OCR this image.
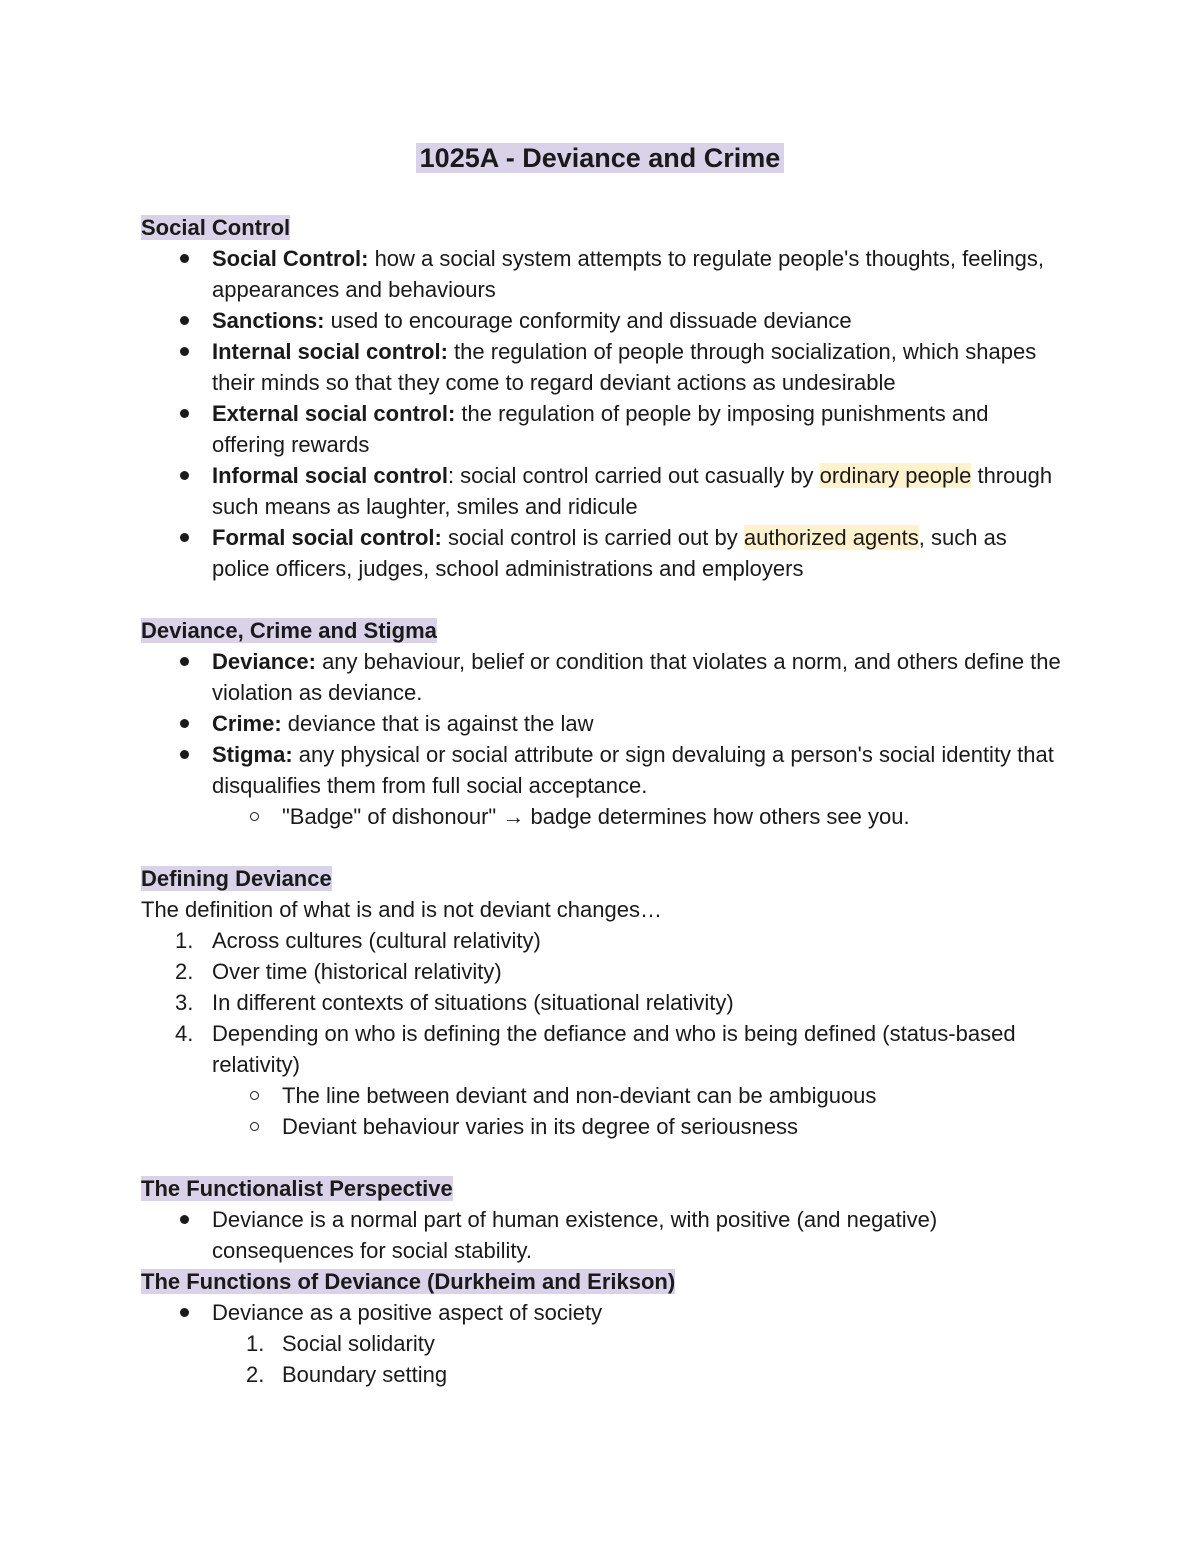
1025A - Deviance and Crime

Social Control

Social Control: how a social system attempts to regulate people's thoughts, feelings, appearances and behaviours
Sanctions: used to encourage conformity and dissuade deviance
Internal social control: the regulation of people through socialization, which shapes their minds so that they come to regard deviant actions as undesirable
External social control: the regulation of people by imposing punishments and offering rewards
Informal social control: social control carried out casually by ordinary people through such means as laughter, smiles and ridicule
Formal social control: social control is carried out by authorized agents, such as police officers, judges, school administrations and employers

Deviance, Crime and Stigma

Deviance: any behaviour, belief or condition that violates a norm, and others define the violation as deviance.
Crime: deviance that is against the law
Stigma: any physical or social attribute or sign devaluing a person's social identity that disqualifies them from full social acceptance.
"Badge" of dishonour" → badge determines how others see you.

Defining Deviance

The definition of what is and is not deviant changes…

1. Across cultures (cultural relativity)
2. Over time (historical relativity)
3. In different contexts of situations (situational relativity)
4. Depending on who is defining the defiance and who is being defined (status-based relativity)
The line between deviant and non-deviant can be ambiguous
Deviant behaviour varies in its degree of seriousness

The Functionalist Perspective

Deviance is a normal part of human existence, with positive (and negative) consequences for social stability.

The Functions of Deviance (Durkheim and Erikson)

Deviance as a positive aspect of society
1. Social solidarity
2. Boundary setting
